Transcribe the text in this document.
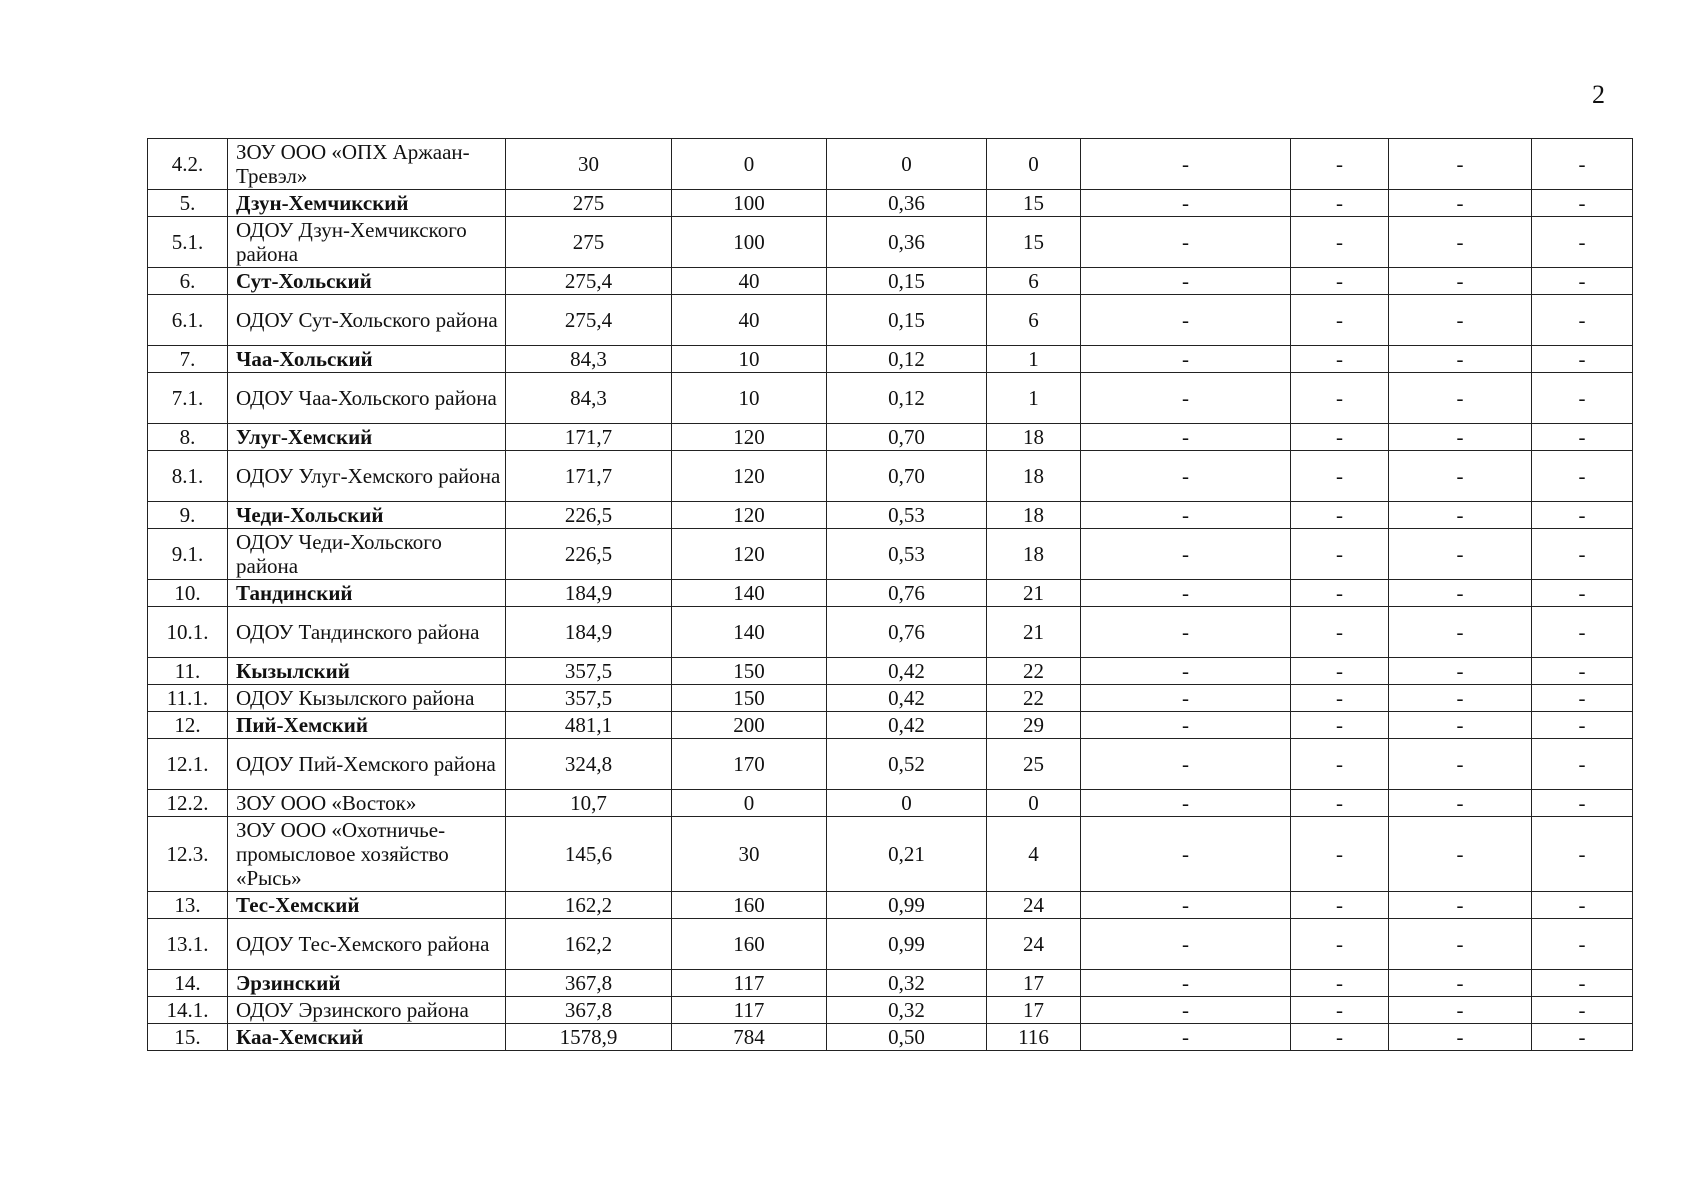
2
4.2.	ЗОУ ООО «ОПХ Аржаан-Тревэл»	30	0	0	0	-	-	-	-
5.	Дзун-Хемчикский	275	100	0,36	15	-	-	-	-
5.1.	ОДОУ Дзун-Хемчикского района	275	100	0,36	15	-	-	-	-
6.	Сут-Хольский	275,4	40	0,15	6	-	-	-	-
6.1.	ОДОУ Сут-Хольского района	275,4	40	0,15	6	-	-	-	-
7.	Чаа-Хольский	84,3	10	0,12	1	-	-	-	-
7.1.	ОДОУ Чаа-Хольского района	84,3	10	0,12	1	-	-	-	-
8.	Улуг-Хемский	171,7	120	0,70	18	-	-	-	-
8.1.	ОДОУ Улуг-Хемского района	171,7	120	0,70	18	-	-	-	-
9.	Чеди-Хольский	226,5	120	0,53	18	-	-	-	-
9.1.	ОДОУ Чеди-Хольского района	226,5	120	0,53	18	-	-	-	-
10.	Тандинский	184,9	140	0,76	21	-	-	-	-
10.1.	ОДОУ Тандинского района	184,9	140	0,76	21	-	-	-	-
11.	Кызылский	357,5	150	0,42	22	-	-	-	-
11.1.	ОДОУ Кызылского района	357,5	150	0,42	22	-	-	-	-
12.	Пий-Хемский	481,1	200	0,42	29	-	-	-	-
12.1.	ОДОУ Пий-Хемского района	324,8	170	0,52	25	-	-	-	-
12.2.	ЗОУ ООО «Восток»	10,7	0	0	0	-	-	-	-
12.3.	ЗОУ ООО «Охотничье-промысловое хозяйство «Рысь»	145,6	30	0,21	4	-	-	-	-
13.	Тес-Хемский	162,2	160	0,99	24	-	-	-	-
13.1.	ОДОУ Тес-Хемского района	162,2	160	0,99	24	-	-	-	-
14.	Эрзинский	367,8	117	0,32	17	-	-	-	-
14.1.	ОДОУ Эрзинского района	367,8	117	0,32	17	-	-	-	-
15.	Каа-Хемский	1578,9	784	0,50	116	-	-	-	-
